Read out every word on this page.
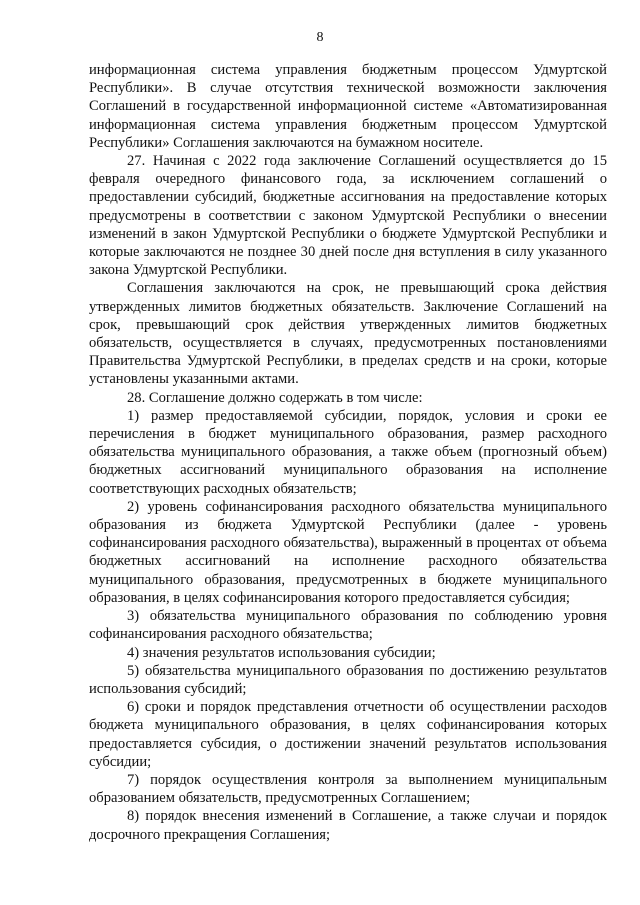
8

информационная система управления бюджетным процессом Удмуртской Республики». В случае отсутствия технической возможности заключения Соглашений в государственной информационной системе «Автоматизированная информационная система управления бюджетным процессом Удмуртской Республики» Соглашения заключаются на бумажном носителе.

27. Начиная с 2022 года заключение Соглашений осуществляется до 15 февраля очередного финансового года, за исключением соглашений о предоставлении субсидий, бюджетные ассигнования на предоставление которых предусмотрены в соответствии с законом Удмуртской Республики о внесении изменений в закон Удмуртской Республики о бюджете Удмуртской Республики и которые заключаются не позднее 30 дней после дня вступления в силу указанного закона Удмуртской Республики.

Соглашения заключаются на срок, не превышающий срока действия утвержденных лимитов бюджетных обязательств. Заключение Соглашений на срок, превышающий срок действия утвержденных лимитов бюджетных обязательств, осуществляется в случаях, предусмотренных постановлениями Правительства Удмуртской Республики, в пределах средств и на сроки, которые установлены указанными актами.

28. Соглашение должно содержать в том числе:

1) размер предоставляемой субсидии, порядок, условия и сроки ее перечисления в бюджет муниципального образования, размер расходного обязательства муниципального образования, а также объем (прогнозный объем) бюджетных ассигнований муниципального образования на исполнение соответствующих расходных обязательств;

2) уровень софинансирования расходного обязательства муниципального образования из бюджета Удмуртской Республики (далее - уровень софинансирования расходного обязательства), выраженный в процентах от объема бюджетных ассигнований на исполнение расходного обязательства муниципального образования, предусмотренных в бюджете муниципального образования, в целях софинансирования которого предоставляется субсидия;

3) обязательства муниципального образования по соблюдению уровня софинансирования расходного обязательства;

4) значения результатов использования субсидии;

5) обязательства муниципального образования по достижению результатов использования субсидий;

6) сроки и порядок представления отчетности об осуществлении расходов бюджета муниципального образования, в целях софинансирования которых предоставляется субсидия, о достижении значений результатов использования субсидии;

7) порядок осуществления контроля за выполнением муниципальным образованием обязательств, предусмотренных Соглашением;

8) порядок внесения изменений в Соглашение, а также случаи и порядок досрочного прекращения Соглашения;
